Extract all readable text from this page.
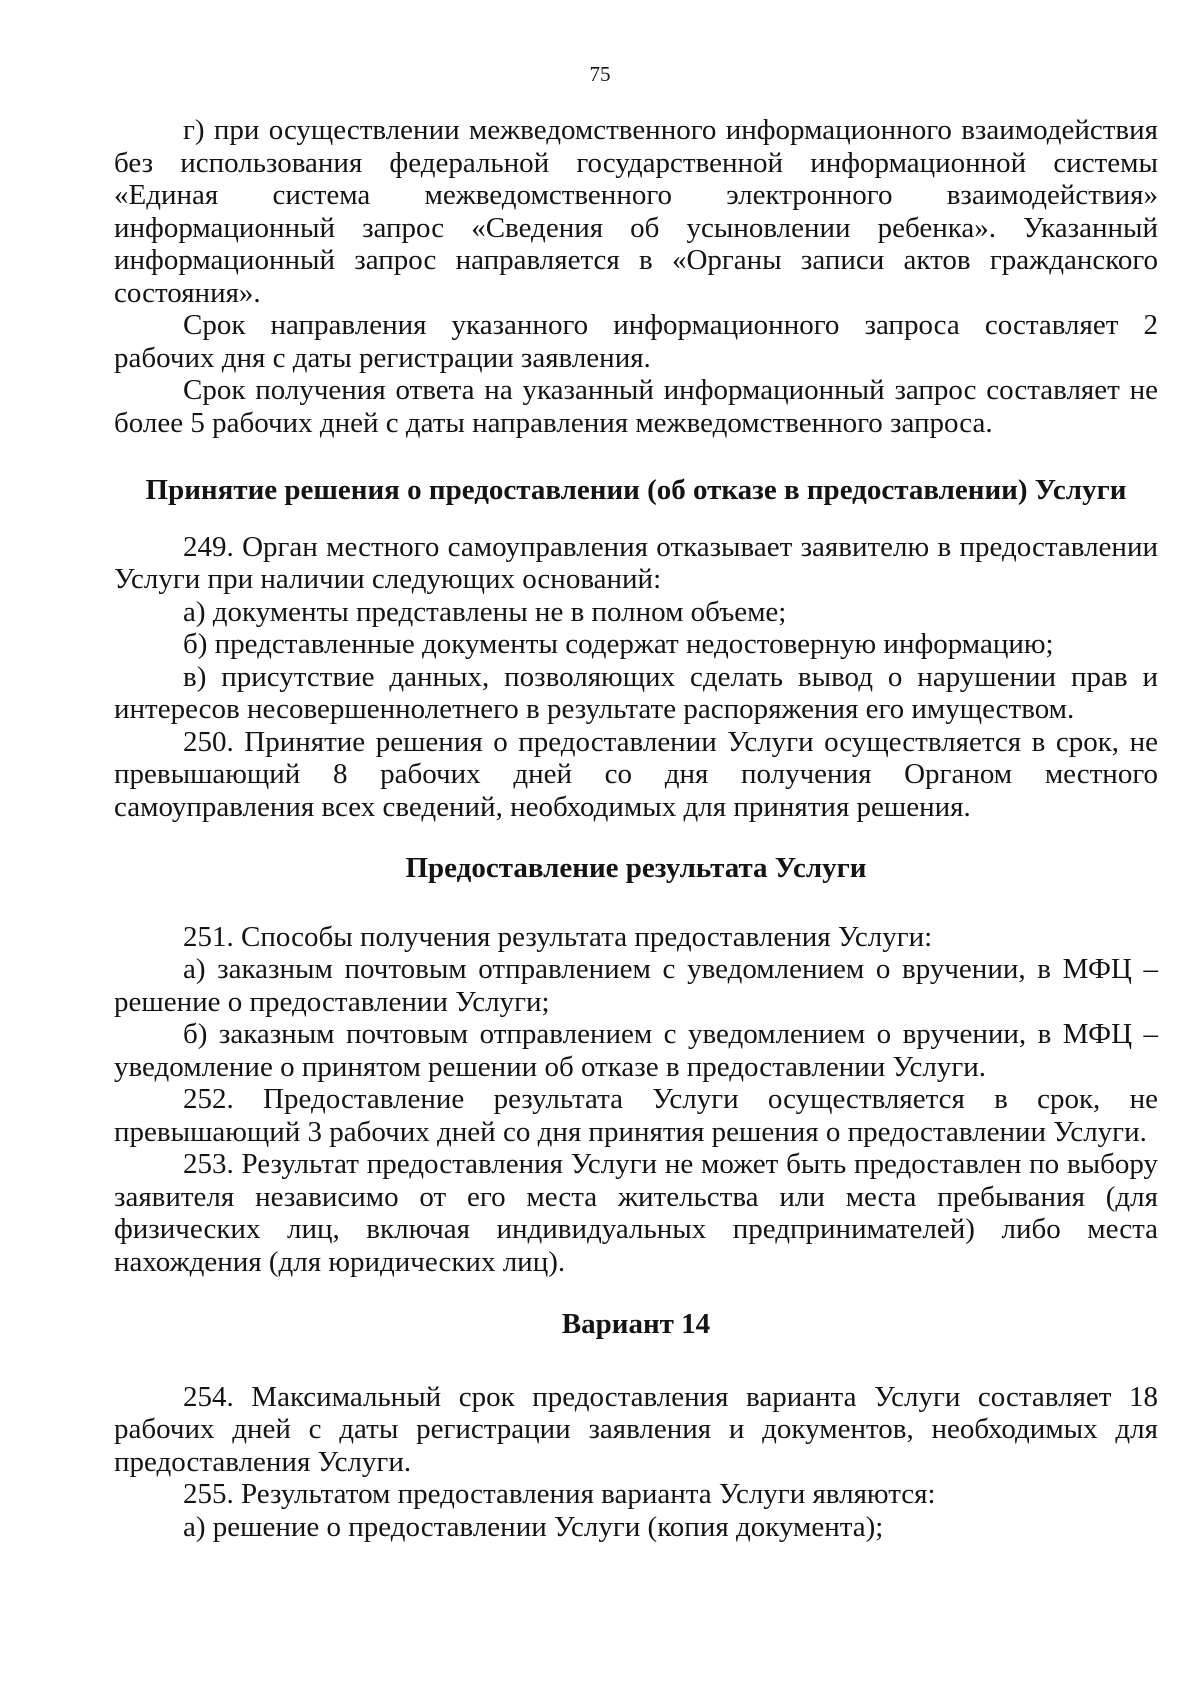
75

г) при осуществлении межведомственного информационного взаимодействия без использования федеральной государственной информационной системы «Единая система межведомственного электронного взаимодействия» информационный запрос «Сведения об усыновлении ребенка». Указанный информационный запрос направляется в «Органы записи актов гражданского состояния».

Срок направления указанного информационного запроса составляет 2 рабочих дня с даты регистрации заявления.

Срок получения ответа на указанный информационный запрос составляет не более 5 рабочих дней с даты направления межведомственного запроса.

Принятие решения о предоставлении (об отказе в предоставлении) Услуги

249. Орган местного самоуправления отказывает заявителю в предоставлении Услуги при наличии следующих оснований:

а) документы представлены не в полном объеме;

б) представленные документы содержат недостоверную информацию;

в) присутствие данных, позволяющих сделать вывод о нарушении прав и интересов несовершеннолетнего в результате распоряжения его имуществом.

250. Принятие решения о предоставлении Услуги осуществляется в срок, не превышающий 8 рабочих дней со дня получения Органом местного самоуправления всех сведений, необходимых для принятия решения.

Предоставление результата Услуги

251. Способы получения результата предоставления Услуги:

а) заказным почтовым отправлением с уведомлением о вручении, в МФЦ – решение о предоставлении Услуги;

б) заказным почтовым отправлением с уведомлением о вручении, в МФЦ – уведомление о принятом решении об отказе в предоставлении Услуги.

252. Предоставление результата Услуги осуществляется в срок, не превышающий 3 рабочих дней со дня принятия решения о предоставлении Услуги.

253. Результат предоставления Услуги не может быть предоставлен по выбору заявителя независимо от его места жительства или места пребывания (для физических лиц, включая индивидуальных предпринимателей) либо места нахождения (для юридических лиц).

Вариант 14

254. Максимальный срок предоставления варианта Услуги составляет 18 рабочих дней с даты регистрации заявления и документов, необходимых для предоставления Услуги.

255. Результатом предоставления варианта Услуги являются:

а) решение о предоставлении Услуги (копия документа);
